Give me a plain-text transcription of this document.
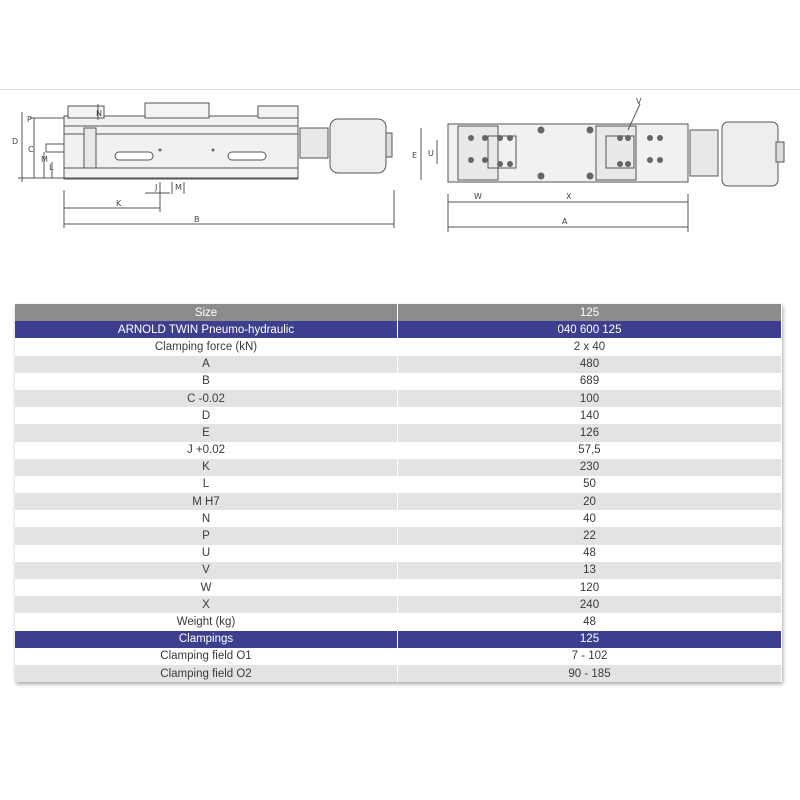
D
P
N
C
M
L
J M
K
B
E U
V
W	X
A
Size	125
ARNOLD TWIN Pneumo-hydraulic	040 600 125
Clamping force (kN)	2 x 40
A	480
B	689
C -0.02	100
D	140
E	126
J +0.02	57,5
K	230
L	50
M H7	20
N	40
P	22
U	48
V	13
W	120
X	240
Weight (kg)	48
Clampings	125
Clamping field O1	7 - 102
Clamping field O2	90 - 185
